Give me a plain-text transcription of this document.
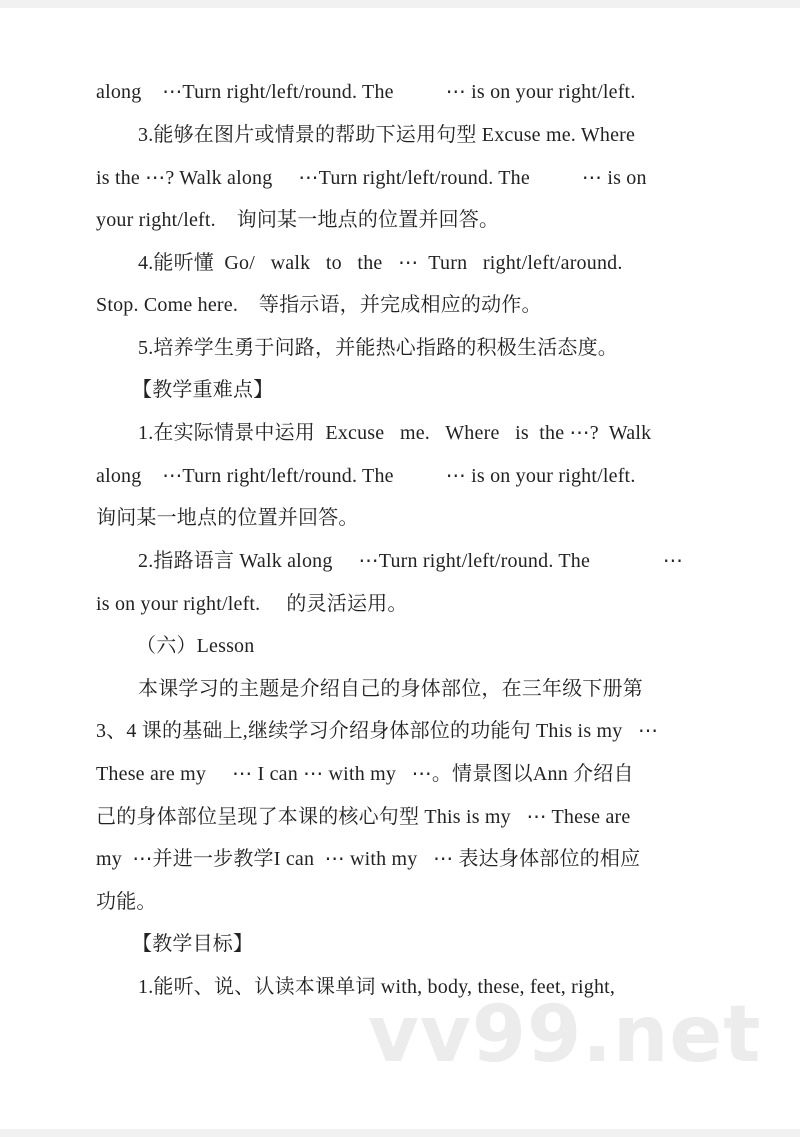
along    ⋯Turn right/left/round. The          ⋯ is on your right/left.
3.能够在图片或情景的帮助下运用句型 Excuse me. Where
is the ⋯? Walk along     ⋯Turn right/left/round. The          ⋯ is on
your right/left.    询问某一地点的位置并回答。
4.能听懂  Go/   walk   to   the   ⋯  Turn   right/left/around.
Stop. Come here.    等指示语，并完成相应的动作。
5.培养学生勇于问路，并能热心指路的积极生活态度。
【教学重难点】
1.在实际情景中运用  Excuse   me.   Where   is  the ⋯?  Walk
along    ⋯Turn right/left/round. The          ⋯ is on your right/left.
询问某一地点的位置并回答。
2.指路语言 Walk along     ⋯Turn right/left/round. The              ⋯
is on your right/left.     的灵活运用。
（六）Lesson
本课学习的主题是介绍自己的身体部位，在三年级下册第
3、4 课的基础上,继续学习介绍身体部位的功能句 This is my   ⋯
These are my     ⋯ I can ⋯ with my   ⋯。情景图以Ann 介绍自
己的身体部位呈现了本课的核心句型 This is my   ⋯ These are
my  ⋯并进一步教学I can  ⋯ with my   ⋯ 表达身体部位的相应
功能。
【教学目标】
1.能听、说、认读本课单词 with, body, these, feet, right,
vv99.net
